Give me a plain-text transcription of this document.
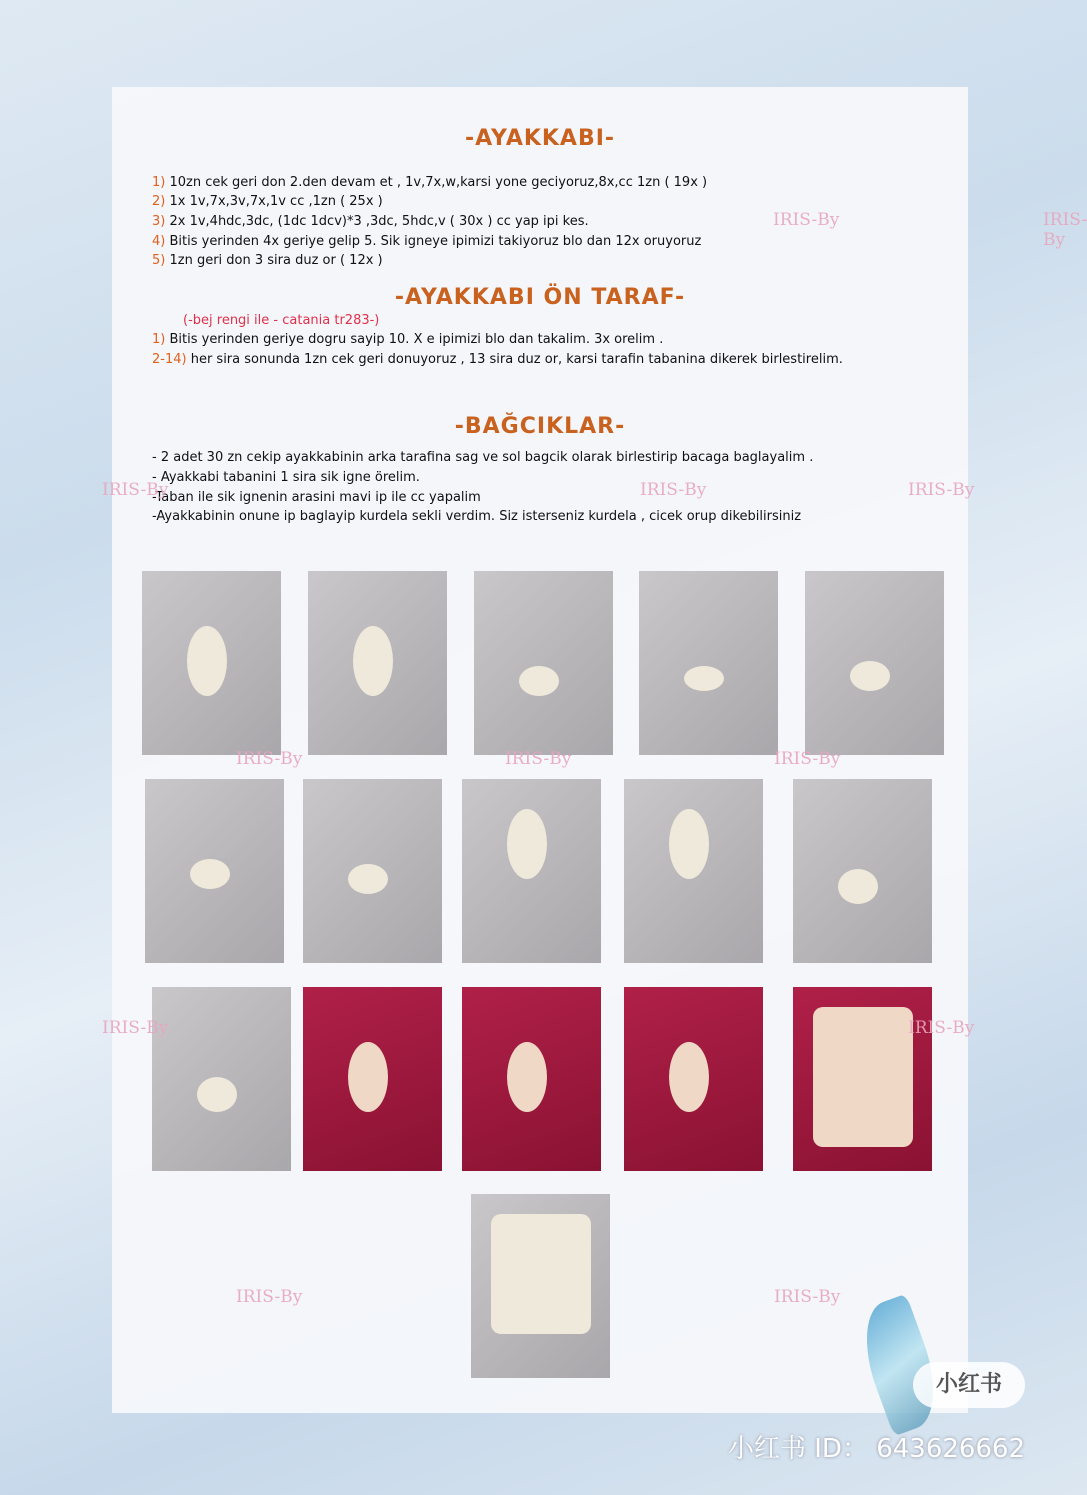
-AYAKKABI-
1) 10zn cek geri don 2.den devam et , 1v,7x,w,karsi yone geciyoruz,8x,cc 1zn ( 19x )
2) 1x 1v,7x,3v,7x,1v cc ,1zn ( 25x )
3) 2x 1v,4hdc,3dc, (1dc 1dcv)*3 ,3dc, 5hdc,v ( 30x ) cc yap ipi kes.
4) Bitis yerinden 4x geriye gelip 5. Sik igneye ipimizi takiyoruz blo dan 12x oruyoruz
5) 1zn geri don 3 sira duz or ( 12x )
-AYAKKABI ÖN TARAF-
(-bej rengi ile - catania tr283-)
1) Bitis yerinden geriye dogru sayip 10. X e ipimizi blo dan takalim. 3x orelim .
2-14) her sira sonunda 1zn cek geri donuyoruz , 13 sira duz or, karsi tarafin tabanina dikerek birlestirelim.
-BAĞCIKLAR-
- 2 adet 30 zn cekip ayakkabinin arka tarafina sag ve sol bagcik olarak birlestirip bacaga baglayalim .
- Ayakkabi tabanini 1 sira sik igne örelim.
-Taban ile sik ignenin arasini mavi ip ile cc yapalim
-Ayakkabinin onune ip baglayip kurdela sekli verdim. Siz isterseniz kurdela , cicek orup dikebilirsiniz
IRIS-By	IRIS-By
IRIS-By	IRIS-By	IRIS-By
IRIS-By	IRIS-By	IRIS-By
IRIS-By	IRIS-By
IRIS-By	IRIS-By
小红书
小红书 ID： 643626662
